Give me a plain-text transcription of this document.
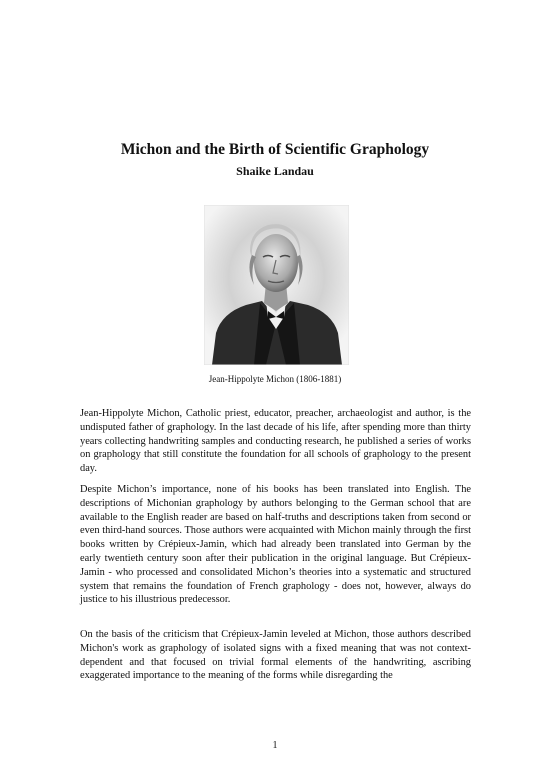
Michon and the Birth of Scientific Graphology
Shaike Landau
Jean-Hippolyte Michon (1806-1881)

Jean-Hippolyte Michon, Catholic priest, educator, preacher, archaeologist and author, is the undisputed father of graphology. In the last decade of his life, after spending more than thirty years collecting handwriting samples and conducting research, he published a series of works on graphology that still constitute the foundation for all schools of graphology to the present day.

Despite Michon’s importance, none of his books has been translated into English. The descriptions of Michonian graphology by authors belonging to the German school that are available to the English reader are based on half-truths and descriptions taken from second or even third-hand sources. Those authors were acquainted with Michon mainly through the first books written by Crépieux-Jamin, which had already been translated into German by the early twentieth century soon after their publication in the original language. But Crépieux-Jamin - who processed and consolidated Michon’s theories into a systematic and structured system that remains the foundation of French graphology - does not, however, always do justice to his illustrious predecessor.

On the basis of the criticism that Crépieux-Jamin leveled at Michon, those authors described Michon's work as graphology of isolated signs with a fixed meaning that was not context-dependent and that focused on trivial formal elements of the handwriting, ascribing exaggerated importance to the meaning of the forms while disregarding the

1
